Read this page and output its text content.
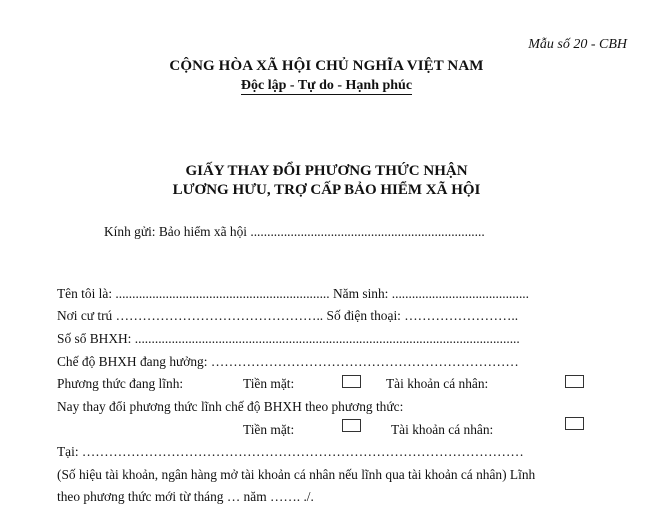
Mẫu số 20 - CBH
CỘNG HÒA XÃ HỘI CHỦ NGHĨA VIỆT NAM
Độc lập - Tự do - Hạnh phúc
GIẤY THAY ĐỔI PHƯƠNG THỨC NHẬN
LƯƠNG HƯU, TRỢ CẤP BẢO HIỂM XÃ HỘI
Kính gửi: Bảo hiểm xã hội ......................................................................
Tên tôi là: ................................................................ Năm sinh: .........................................
Nơi cư trú ……………………………………….. Số điện thoại: ……………………..
Số sổ BHXH: ...................................................................................................................
Chế độ BHXH đang hưởng: ……………………………………………………………
Phương thức đang lĩnh:	Tiền mặt:	Tài khoản cá nhân:
Nay thay đổi phương thức lĩnh chế độ BHXH theo phương thức:
Tiền mặt:	Tài khoản cá nhân:
Tại: ………………………………………………………………………………………
(Số hiệu tài khoản, ngân hàng mở tài khoản cá nhân nếu lĩnh qua tài khoản cá nhân) Lĩnh
theo phương thức mới từ tháng … năm ……. ./.
